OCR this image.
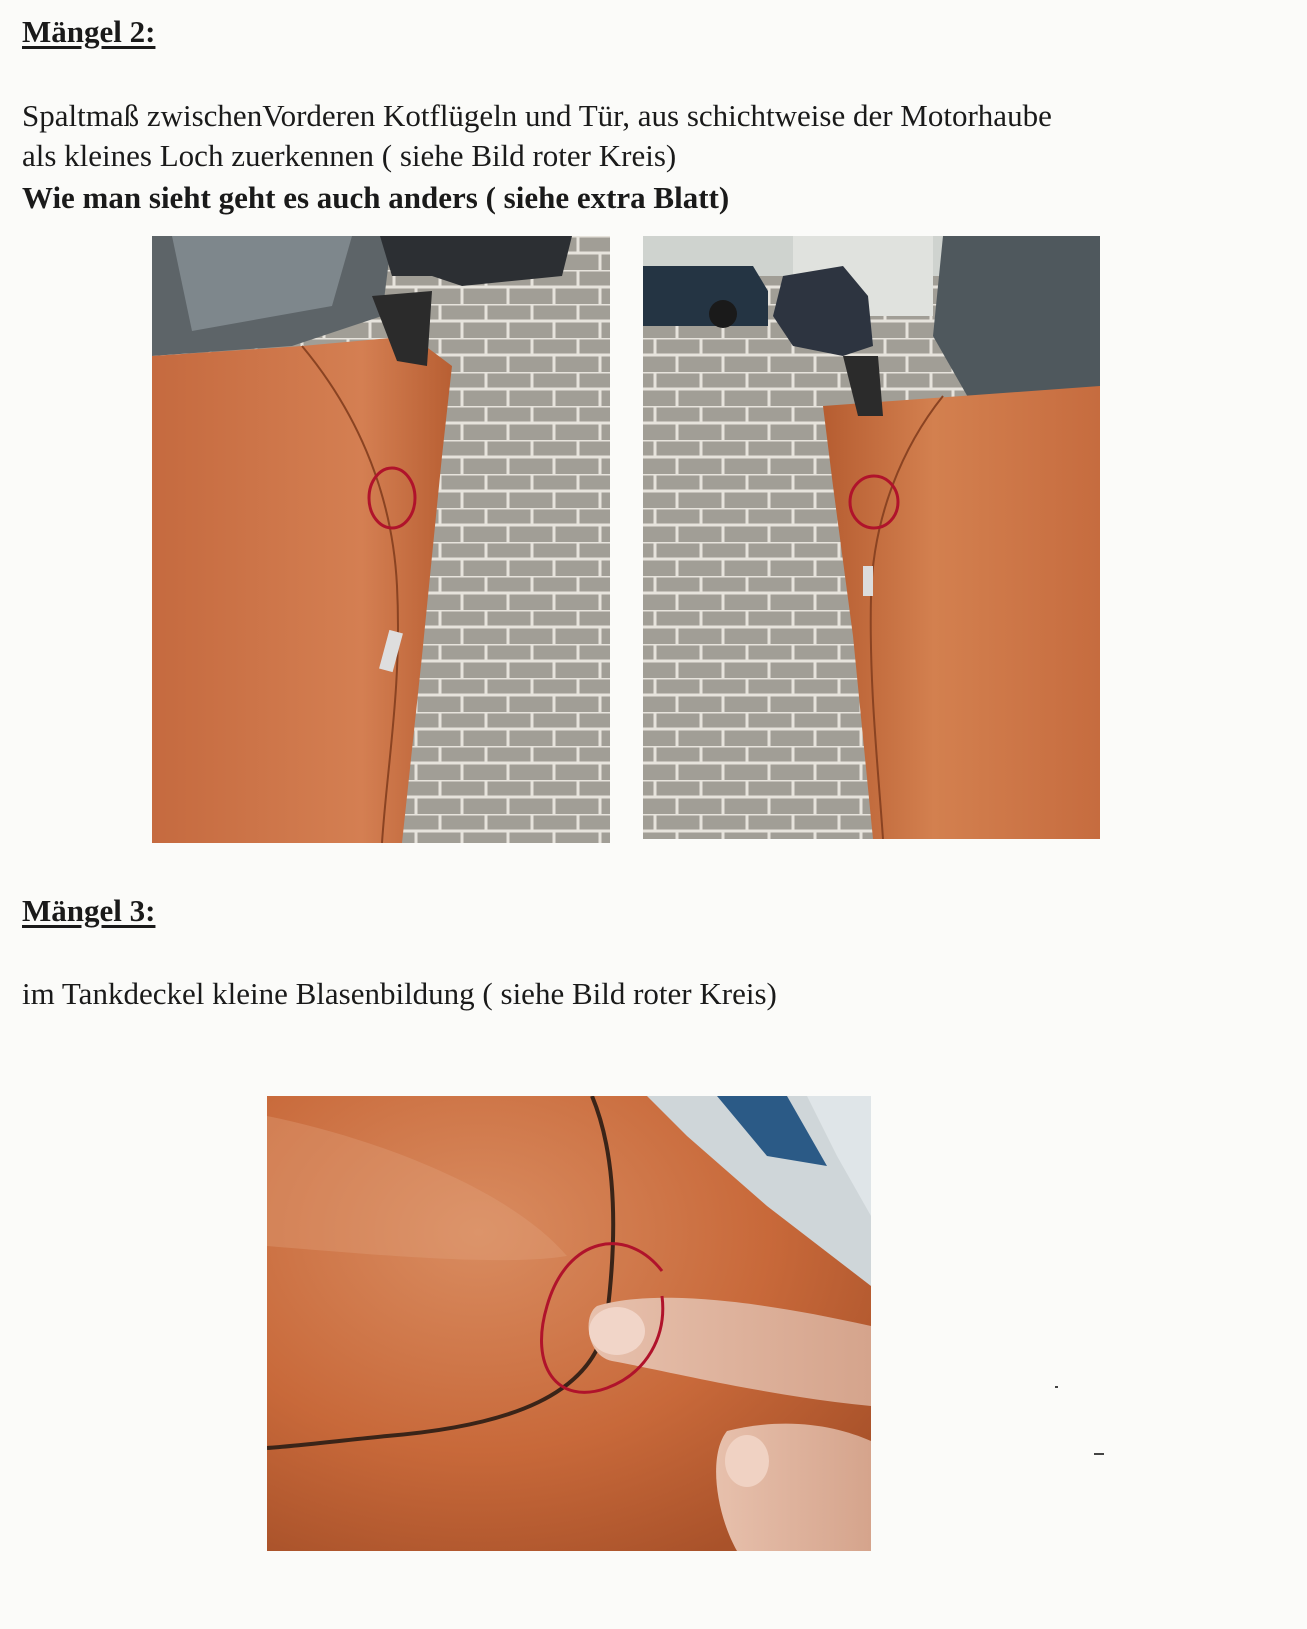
Mängel 2:

Spaltmaß zwischenVorderen Kotflügeln und Tür, aus schichtweise der Motorhaube

als kleines Loch zuerkennen ( siehe Bild roter Kreis)

Wie man sieht geht es auch anders ( siehe extra Blatt)

Mängel 3:

im Tankdeckel kleine Blasenbildung ( siehe Bild roter Kreis)
